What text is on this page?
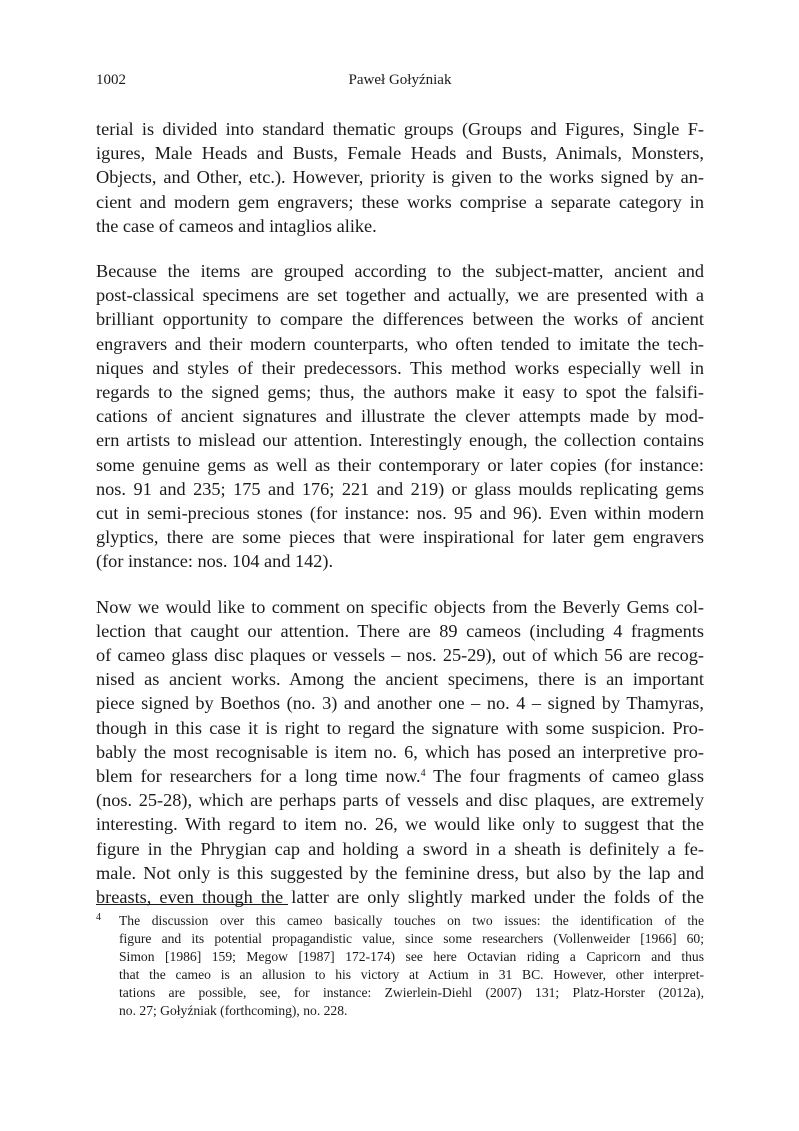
1002	Paweł Gołyźniak

terial is divided into standard thematic groups (Groups and Figures, Single F-
igures, Male Heads and Busts, Female Heads and Busts, Animals, Monsters,
Objects, and Other, etc.). However, priority is given to the works signed by an-
cient and modern gem engravers; these works comprise a separate category in
the case of cameos and intaglios alike.

Because the items are grouped according to the subject-matter, ancient and
post-classical specimens are set together and actually, we are presented with a
brilliant opportunity to compare the differences between the works of ancient
engravers and their modern counterparts, who often tended to imitate the tech-
niques and styles of their predecessors. This method works especially well in
regards to the signed gems; thus, the authors make it easy to spot the falsifi-
cations of ancient signatures and illustrate the clever attempts made by mod-
ern artists to mislead our attention. Interestingly enough, the collection contains
some genuine gems as well as their contemporary or later copies (for instance:
nos. 91 and 235; 175 and 176; 221 and 219) or glass moulds replicating gems
cut in semi-precious stones (for instance: nos. 95 and 96). Even within modern
glyptics, there are some pieces that were inspirational for later gem engravers
(for instance: nos. 104 and 142).

Now we would like to comment on specific objects from the Beverly Gems col-
lection that caught our attention. There are 89 cameos (including 4 fragments
of cameo glass disc plaques or vessels – nos. 25-29), out of which 56 are recog-
nised as ancient works. Among the ancient specimens, there is an important
piece signed by Boethos (no. 3) and another one – no. 4 – signed by Thamyras,
though in this case it is right to regard the signature with some suspicion. Pro-
bably the most recognisable is item no. 6, which has posed an interpretive pro-
blem for researchers for a long time now.$^4$ The four fragments of cameo glass
(nos. 25-28), which are perhaps parts of vessels and disc plaques, are extremely
interesting. With regard to item no. 26, we would like only to suggest that the
figure in the Phrygian cap and holding a sword in a sheath is definitely a fe-
male. Not only is this suggested by the feminine dress, but also by the lap and
breasts, even though the latter are only slightly marked under the folds of the

4 The discussion over this cameo basically touches on two issues: the identification of the
figure and its potential propagandistic value, since some researchers (Vollenweider [1966] 60;
Simon [1986] 159; Megow [1987] 172-174) see here Octavian riding a Capricorn and thus
that the cameo is an allusion to his victory at Actium in 31 BC. However, other interpret-
tations are possible, see, for instance: Zwierlein-Diehl (2007) 131; Platz-Horster (2012a),
no. 27; Gołyźniak (forthcoming), no. 228.
